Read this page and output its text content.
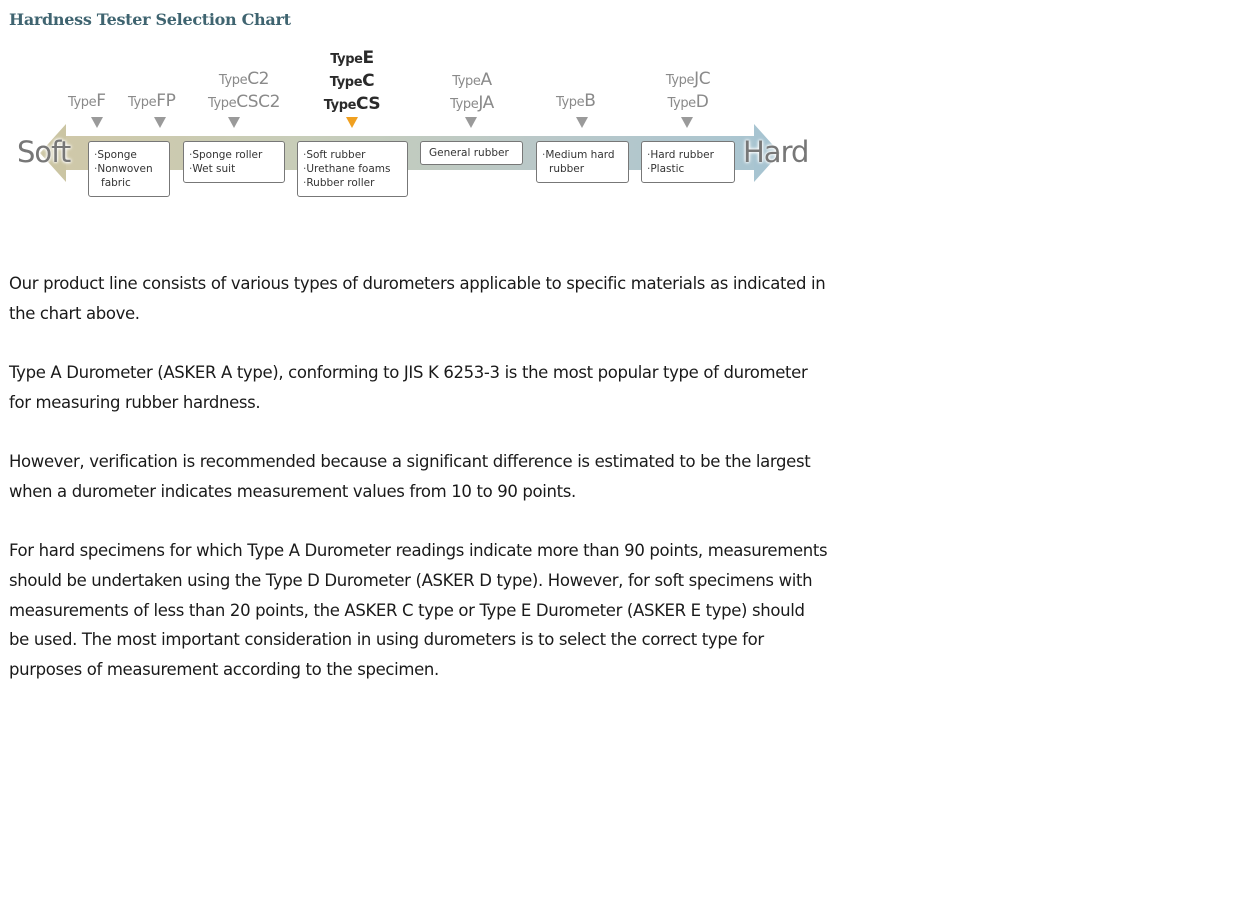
Hardness Tester Selection Chart
Soft	Hard
TypeF TypeFP
TypeC2
TypeCSC2
TypeE
TypeC
TypeCS
TypeA
TypeJA	TypeB
TypeJC
TypeD
·Sponge
·Nonwoven
fabric
·Sponge roller
·Wet suit
·Soft rubber
·Urethane foams
·Rubber roller
General rubber	·Medium hard
rubber
·Hard rubber
·Plastic

Our product line consists of various types of durometers applicable to specific materials as indicated in the chart above.

Type A Durometer (ASKER A type), conforming to JIS K 6253-3 is the most popular type of durometer for measuring rubber hardness.

However, verification is recommended because a significant difference is estimated to be the largest when a durometer indicates measurement values from 10 to 90 points.

For hard specimens for which Type A Durometer readings indicate more than 90 points, measurements should be undertaken using the Type D Durometer (ASKER D type). However, for soft specimens with measurements of less than 20 points, the ASKER C type or Type E Durometer (ASKER E type) should be used. The most important consideration in using durometers is to select the correct type for purposes of measurement according to the specimen.
